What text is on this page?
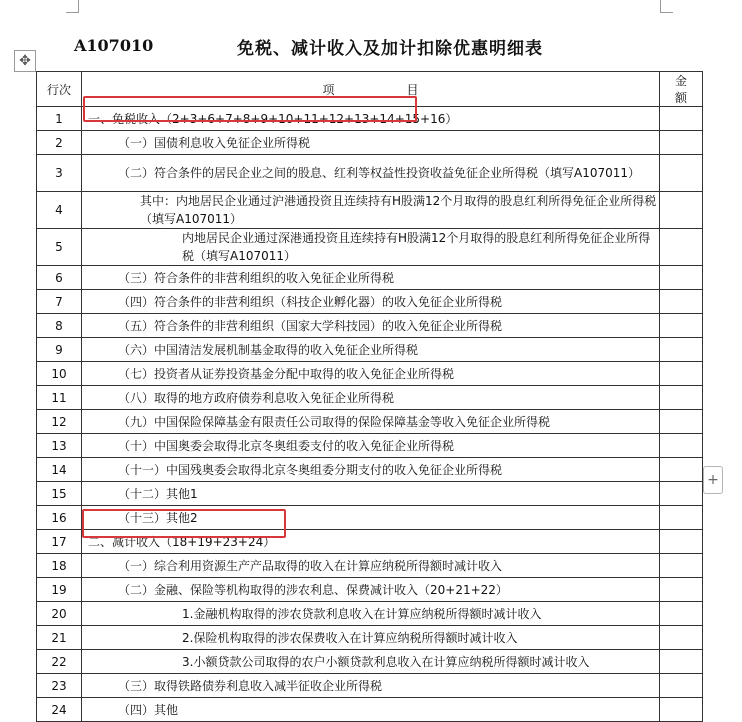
✥
A107010	免税、减计收入及加计扣除优惠明细表
行次	项　　　　　　目	金　　额
1	一、免税收入（2+3+6+7+8+9+10+11+12+13+14+15+16）	
2	（一）国债利息收入免征企业所得税	
3	（二）符合条件的居民企业之间的股息、红利等权益性投资收益免征企业所得税（填写A107011）	
4	其中：内地居民企业通过沪港通投资且连续持有H股满12个月取得的股息红利所得免征企业所得税（填写A107011）	
5	内地居民企业通过深港通投资且连续持有H股满12个月取得的股息红利所得免征企业所得税（填写A107011）	
6	（三）符合条件的非营利组织的收入免征企业所得税	
7	（四）符合条件的非营利组织（科技企业孵化器）的收入免征企业所得税	
8	（五）符合条件的非营利组织（国家大学科技园）的收入免征企业所得税	
9	（六）中国清洁发展机制基金取得的收入免征企业所得税	
10	（七）投资者从证券投资基金分配中取得的收入免征企业所得税	
11	（八）取得的地方政府债券利息收入免征企业所得税	
12	（九）中国保险保障基金有限责任公司取得的保险保障基金等收入免征企业所得税	
13	（十）中国奥委会取得北京冬奥组委支付的收入免征企业所得税	
14	（十一）中国残奥委会取得北京冬奥组委分期支付的收入免征企业所得税	
15	（十二）其他1	
16	（十三）其他2	
17	二、减计收入（18+19+23+24）	
18	（一）综合利用资源生产产品取得的收入在计算应纳税所得额时减计收入	
19	（二）金融、保险等机构取得的涉农利息、保费减计收入（20+21+22）	
20	1.金融机构取得的涉农贷款利息收入在计算应纳税所得额时减计收入	
21	2.保险机构取得的涉农保费收入在计算应纳税所得额时减计收入	
22	3.小额贷款公司取得的农户小额贷款利息收入在计算应纳税所得额时减计收入	
23	（三）取得铁路债券利息收入减半征收企业所得税	
24	（四）其他	
+
